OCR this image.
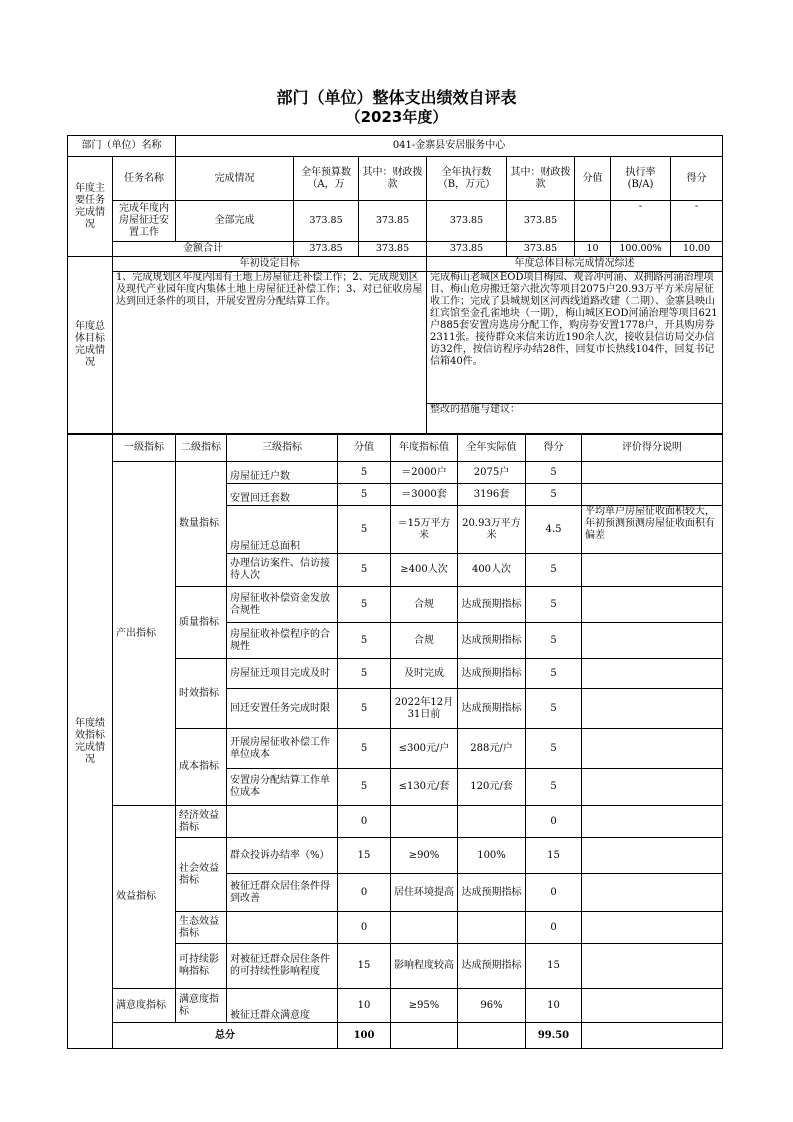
部门（单位）整体支出绩效自评表
（2023年度）
部门（单位）名称		041-金寨县安居服务中心							
年度主要任务完成情况	任务名称	完成情况	全年预算数（A，万	其中：财政拨款	全年执行数（B，万元）	其中：财政拨款	分值	执行率(B/A)	得分
	完成年度内房屋征迁安置工作	全部完成	373.85	373.85	373.85	373.85		-	-
	金额合计		373.85	373.85	373.85	373.85	10	100.00%	10.00
年度总体目标完成情况	年初设定目标				年度总体目标完成情况综述				
	1、完成规划区年度内国有土地上房屋征迁补偿工作；2、完成规划区及现代产业园年度内集体土地上房屋征迁补偿工作；3、对已征收房屋达到回迁条件的项目，开展安置房分配结算工作。				完成梅山老城区EOD项目梅园、观音冲河涌、双拥路河涌治理项目、梅山危房搬迁第六批次等项目2075户20.93万平方米房屋征收工作；完成了县城规划区河西线道路改建（二期）、金寨县映山红宾馆至金孔雀地块（一期），梅山城区EOD河涌治理等项目621户885套安置房选房分配工作，购房券安置1778户，开具购房券2311张。接待群众来信来访近190余人次，接收县信访局交办信访32件，按信访程序办结28件，回复市长热线104件，回复书记信箱40件。				
					整改的措施与建议：				
年度绩效指标完成情况	一级指标	二级指标	三级指标	分值	年度指标值	全年实际值	得分	评价得分说明
	产出指标	数量指标	房屋征迁户数	5	＝2000户	2075户	5	
			安置回迁套数	5	＝3000套	3196套	5	
			房屋征迁总面积	5	＝15万平方米	20.93万平方米	4.5	平均单户房屋征收面积较大，年初预测预测房屋征收面积有偏差
			办理信访案件、信访接待人次	5	≥400人次	400人次	5	
		质量指标	房屋征收补偿资金发放合规性	5	合规	达成预期指标	5	
			房屋征收补偿程序的合规性	5	合规	达成预期指标	5	
		时效指标	房屋征迁项目完成及时	5	及时完成	达成预期指标	5	
			回迁安置任务完成时限	5	2022年12月31日前	达成预期指标	5	
		成本指标	开展房屋征收补偿工作单位成本	5	≤300元/户	288元/户	5	
			安置房分配结算工作单位成本	5	≤130元/套	120元/套	5	
	效益指标	经济效益指标		0			0	
		社会效益指标	群众投诉办结率（%）	15	≥90%	100%	15	
			被征迁群众居住条件得到改善	0	居住环境提高	达成预期指标	0	
		生态效益指标		0			0	
		可持续影响指标	对被征迁群众居住条件的可持续性影响程度	15	影响程度较高	达成预期指标	15	
	满意度指标	满意度指标	被征迁群众满意度	10	≥95%	96%	10	
	总分			100			99.50	
